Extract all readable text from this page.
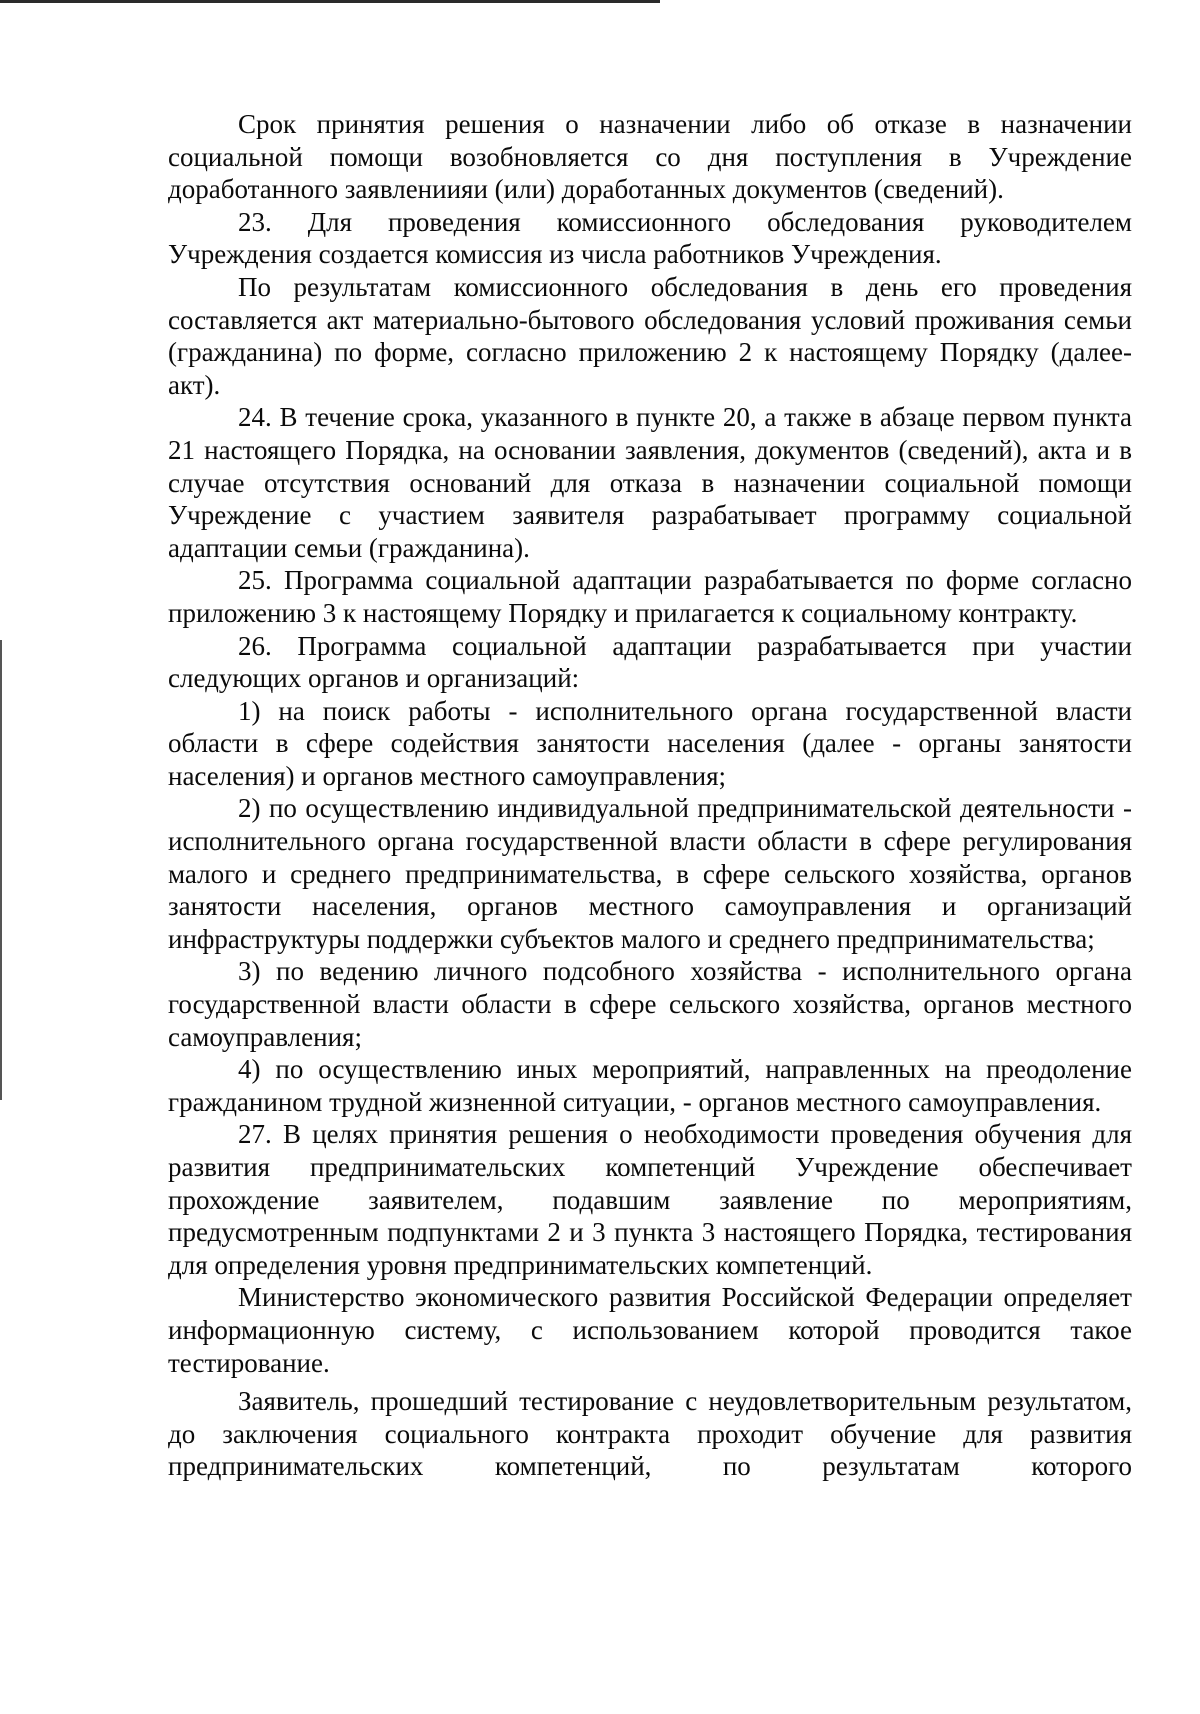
Срок принятия решения о назначении либо об отказе в назначении социальной помощи возобновляется со дня поступления в Учреждение доработанного заявлениияи (или) доработанных документов (сведений).

23. Для проведения комиссионного обследования руководителем Учреждения создается комиссия из числа работников Учреждения.

По результатам комиссионного обследования в день его проведения составляется акт материально-бытового обследования условий проживания семьи (гражданина) по форме, согласно приложению 2 к настоящему Порядку (далее-акт).

24. В течение срока, указанного в пункте 20, а также в абзаце первом пункта 21 настоящего Порядка, на основании заявления, документов (сведений), акта и в случае отсутствия оснований для отказа в назначении социальной помощи Учреждение с участием заявителя разрабатывает программу социальной адаптации семьи (гражданина).

25. Программа социальной адаптации разрабатывается по форме согласно приложению 3 к настоящему Порядку и прилагается к социальному контракту.

26. Программа социальной адаптации разрабатывается при участии следующих органов и организаций:

1) на поиск работы - исполнительного органа государственной власти области в сфере содействия занятости населения (далее - органы занятости населения) и органов местного самоуправления;

2) по осуществлению индивидуальной предпринимательской деятельности - исполнительного органа государственной власти области в сфере регулирования малого и среднего предпринимательства, в сфере сельского хозяйства, органов занятости населения, органов местного самоуправления и организаций инфраструктуры поддержки субъектов малого и среднего предпринимательства;

3) по ведению личного подсобного хозяйства - исполнительного органа государственной власти области в сфере сельского хозяйства, органов местного самоуправления;

4) по осуществлению иных мероприятий, направленных на преодоление гражданином трудной жизненной ситуации, - органов местного самоуправления.

27. В целях принятия решения о необходимости проведения обучения для развития предпринимательских компетенций Учреждение обеспечивает прохождение заявителем, подавшим заявление по мероприятиям, предусмотренным подпунктами 2 и 3 пункта 3 настоящего Порядка, тестирования для определения уровня предпринимательских компетенций.

Министерство экономического развития Российской Федерации определяет информационную систему, с использованием которой проводится такое тестирование.

Заявитель, прошедший тестирование с неудовлетворительным результатом, до заключения социального контракта проходит обучение для развития предпринимательских компетенций, по результатам которого
